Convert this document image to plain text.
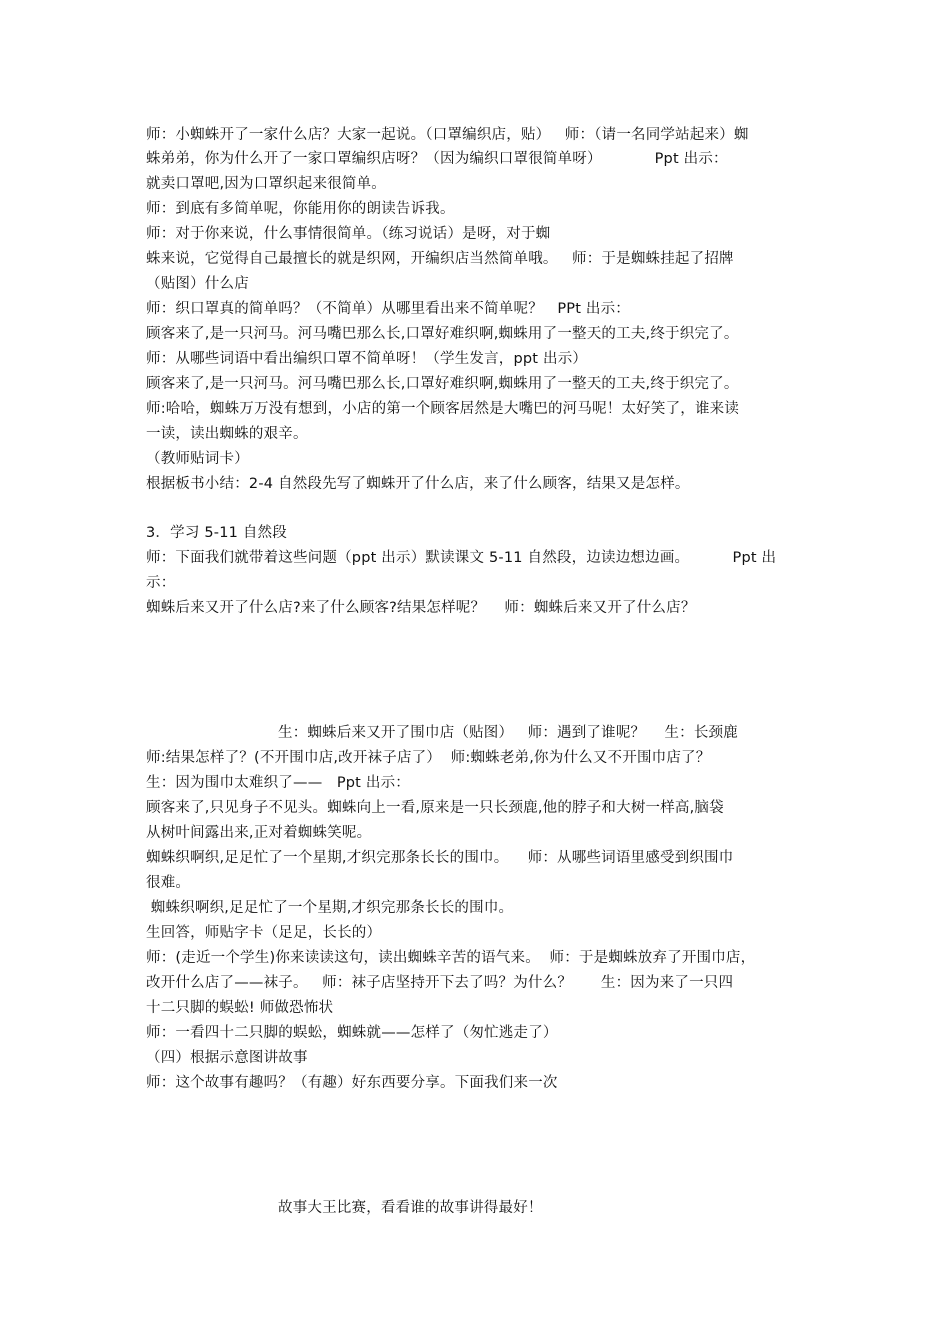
师：小蜘蛛开了一家什么店？大家一起说。（口罩编织店，贴）   师：（请一名同学站起来）蜘
蛛弟弟，你为什么开了一家口罩编织店呀？（因为编织口罩很简单呀）           Ppt 出示：
就卖口罩吧,因为口罩织起来很简单。
师：到底有多简单呢，你能用你的朗读告诉我。
师：对于你来说，什么事情很简单。（练习说话）是呀，对于蜘
蛛来说，它觉得自己最擅长的就是织网，开编织店当然简单哦。   师：于是蜘蛛挂起了招牌
（贴图）什么店
师：织口罩真的简单吗？（不简单）从哪里看出来不简单呢？   PPt 出示：
顾客来了,是一只河马。河马嘴巴那么长,口罩好难织啊,蜘蛛用了一整天的工夫,终于织完了。
师：从哪些词语中看出编织口罩不简单呀！（学生发言，ppt 出示）
顾客来了,是一只河马。河马嘴巴那么长,口罩好难织啊,蜘蛛用了一整天的工夫,终于织完了。
师:哈哈，蜘蛛万万没有想到，小店的第一个顾客居然是大嘴巴的河马呢！太好笑了，谁来读
一读，读出蜘蛛的艰辛。
（教师贴词卡）
根据板书小结：2-4 自然段先写了蜘蛛开了什么店，来了什么顾客，结果又是怎样。
3．学习 5-11 自然段
师：下面我们就带着这些问题（ppt 出示）默读课文 5-11 自然段，边读边想边画。         Ppt 出
示：
蜘蛛后来又开了什么店?来了什么顾客?结果怎样呢？    师：蜘蛛后来又开了什么店？
生：蜘蛛后来又开了围巾店（贴图）   师：遇到了谁呢？    生：长颈鹿
师:结果怎样了？(不开围巾店,改开袜子店了）  师:蜘蛛老弟,你为什么又不开围巾店了？
生：因为围巾太难织了——   Ppt 出示：
顾客来了,只见身子不见头。蜘蛛向上一看,原来是一只长颈鹿,他的脖子和大树一样高,脑袋
从树叶间露出来,正对着蜘蛛笑呢。
蜘蛛织啊织,足足忙了一个星期,才织完那条长长的围巾。    师：从哪些词语里感受到织围巾
很难。
蜘蛛织啊织,足足忙了一个星期,才织完那条长长的围巾。
生回答，师贴字卡（足足，长长的）
师：(走近一个学生)你来读读这句，读出蜘蛛辛苦的语气来。  师：于是蜘蛛放弃了开围巾店，
改开什么店了——袜子。   师：袜子店坚持开下去了吗？为什么？      生：因为来了一只四
十二只脚的蜈蚣! 师做恐怖状
师：一看四十二只脚的蜈蚣，蜘蛛就——怎样了（匆忙逃走了）
（四）根据示意图讲故事
师：这个故事有趣吗？（有趣）好东西要分享。下面我们来一次
故事大王比赛，看看谁的故事讲得最好！
